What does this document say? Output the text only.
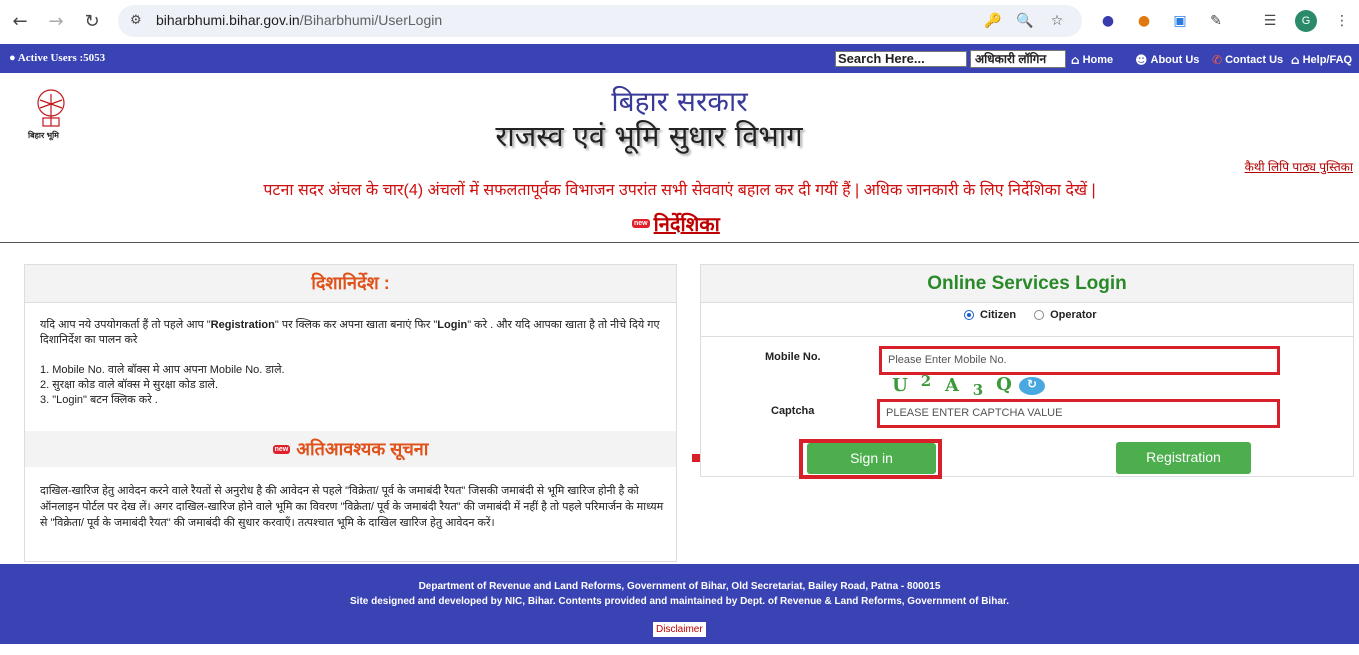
←	→	↻	⚙	biharbhumi.bihar.gov.in/Biharbhumi/UserLogin	🔑 🔍 ☆	●	●	▣	✎	☰	G	⋮
● Active Users :5053	Search Here...	अधिकारी लॉगिन	⌂ Home ☻ About Us ✆ Contact Us ⌂ Help/FAQ
बिहार भूमि
बिहार सरकार
राजस्व एवं भूमि सुधार विभाग
कैथी लिपि पाठ्य पुस्तिका
पटना सदर अंचल के चार(4) अंचलों में सफलतापूर्वक विभाजन उपरांत सभी सेववाएं बहाल कर दी गयीं हैं | अधिक जानकारी के लिए निर्देशिका देखें |
new निर्देशिका
दिशानिर्देश :
यदि आप नये उपयोगकर्ता हैं तो पहले आप "Registration" पर क्लिक कर अपना खाता बनाएं फिर "Login" करे . और यदि आपका खाता है तो नीचे दिये गए दिशानिर्देश का पालन करे
1. Mobile No. वाले बॉक्स मे आप अपना Mobile No. डाले.
2. सुरक्षा कोड वाले बॉक्स मे सुरक्षा कोड डाले.
3. "Login" बटन क्लिक करे .
new अतिआवश्यक सूचना
दाखिल-खारिज हेतु आवेदन करने वाले रैयतों से अनुरोध है की आवेदन से पहले "विक्रेता/ पूर्व के जमाबंदी रैयत" जिसकी जमाबंदी से भूमि खारिज होनी है को ऑनलाइन पोर्टल पर देख लें। अगर दाखिल-खारिज होने वाले भूमि का विवरण "विक्रेता/ पूर्व के जमाबंदी रैयत" की जमाबंदी में नहीं है तो पहले परिमार्जन के माध्यम से "विक्रेता/ पूर्व के जमाबंदी रैयत" की जमाबंदी की सुधार करवाएँ। तत्पश्चात भूमि के दाखिल खारिज हेतु आवेदन करें।
Online Services Login
Citizen	Operator
Mobile No.	Please Enter Mobile No.
U 2 A 3 Q	↻
Captcha	PLEASE ENTER CAPTCHA VALUE
Sign in	Registration
Department of Revenue and Land Reforms, Government of Bihar, Old Secretariat, Bailey Road, Patna - 800015
Site designed and developed by NIC, Bihar. Contents provided and maintained by Dept. of Revenue & Land Reforms, Government of Bihar.
Disclaimer
